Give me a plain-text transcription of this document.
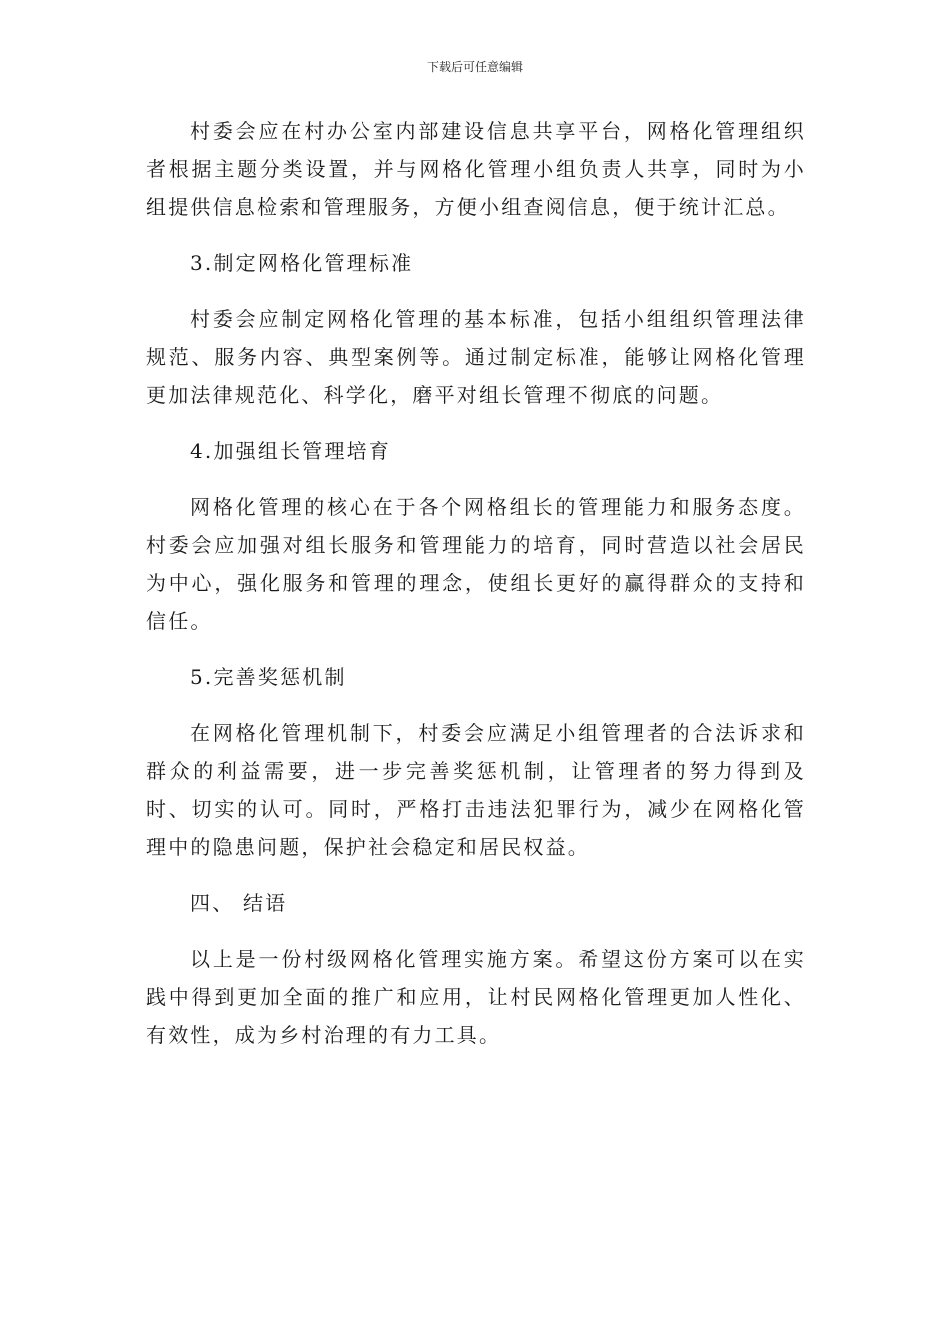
下载后可任意编辑

村委会应在村办公室内部建设信息共享平台，网格化管理组织者根据主题分类设置，并与网格化管理小组负责人共享，同时为小组提供信息检索和管理服务，方便小组查阅信息，便于统计汇总。

3.制定网格化管理标准

村委会应制定网格化管理的基本标准，包括小组组织管理法律规范、服务内容、典型案例等。通过制定标准，能够让网格化管理更加法律规范化、科学化，磨平对组长管理不彻底的问题。

4.加强组长管理培育

网格化管理的核心在于各个网格组长的管理能力和服务态度。村委会应加强对组长服务和管理能力的培育，同时营造以社会居民为中心，强化服务和管理的理念，使组长更好的赢得群众的支持和信任。

5.完善奖惩机制

在网格化管理机制下，村委会应满足小组管理者的合法诉求和群众的利益需要，进一步完善奖惩机制，让管理者的努力得到及时、切实的认可。同时，严格打击违法犯罪行为，减少在网格化管理中的隐患问题，保护社会稳定和居民权益。

四、 结语

以上是一份村级网格化管理实施方案。希望这份方案可以在实践中得到更加全面的推广和应用，让村民网格化管理更加人性化、有效性，成为乡村治理的有力工具。
